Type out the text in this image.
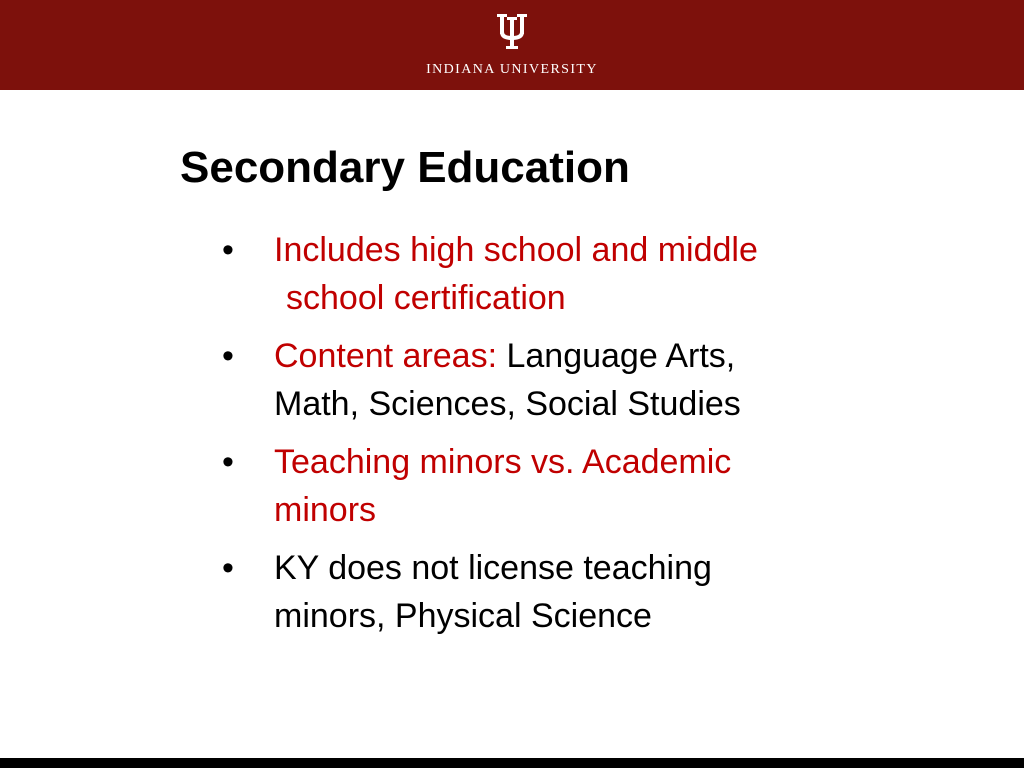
INDIANA UNIVERSITY
Secondary Education
• Includes high school and middle
school certification
• Content areas: Language Arts,
Math, Sciences, Social Studies
• Teaching minors vs. Academic
minors
• KY does not license teaching
minors, Physical Science
